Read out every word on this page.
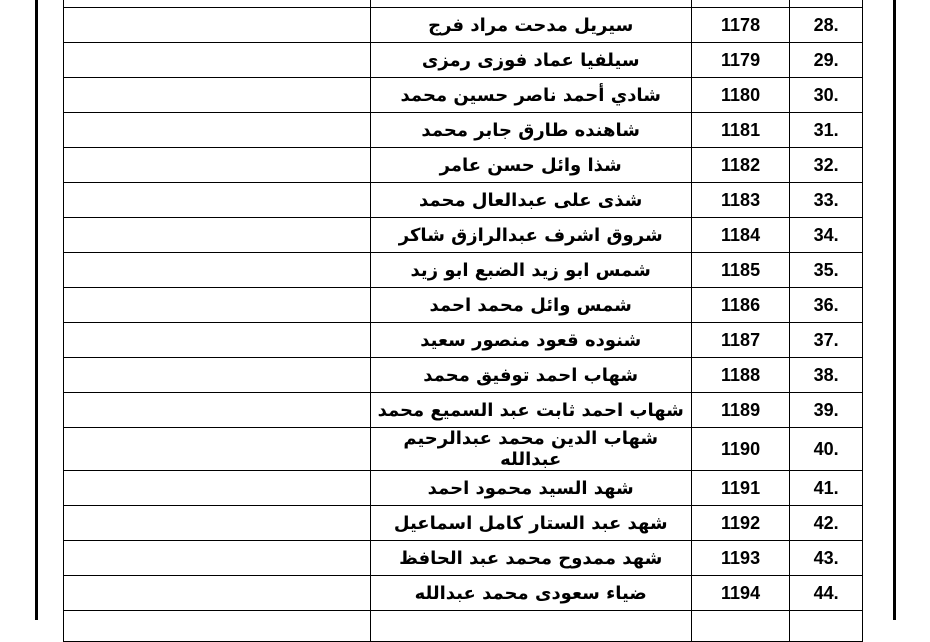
	سيريل مدحت مراد فرج	1178	28.
	سيلفيا عماد فوزى رمزى	1179	29.
	شادي أحمد ناصر حسين محمد	1180	30.
	شاهنده طارق جابر محمد	1181	31.
	شذا وائل حسن عامر	1182	32.
	شذى على عبدالعال محمد	1183	33.
	شروق اشرف عبدالرازق شاكر	1184	34.
	شمس ابو زيد الضبع ابو زيد	1185	35.
	شمس وائل محمد احمد	1186	36.
	شنوده قعود منصور سعيد	1187	37.
	شهاب احمد توفيق محمد	1188	38.
	شهاب احمد ثابت عبد السميع محمد	1189	39.
	شهاب الدين محمد عبدالرحيم عبدالله	1190	40.
	شهد السيد محمود احمد	1191	41.
	شهد عبد الستار كامل اسماعيل	1192	42.
	شهد ممدوح محمد عبد الحافظ	1193	43.
	ضياء سعودى محمد عبدالله	1194	44.
